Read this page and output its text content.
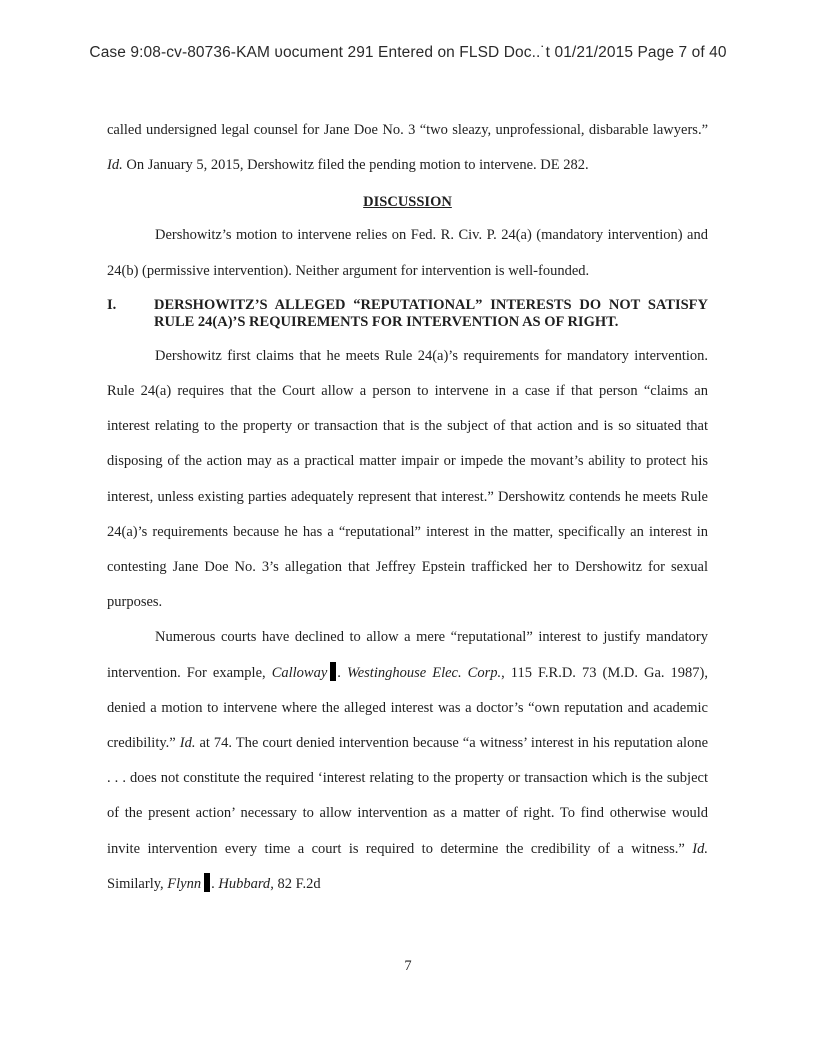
Case 9:08-cv-80736-KAM υocument 291 Entered on FLSD Doc..˙t 01/21/2015 Page 7 of 40

called undersigned legal counsel for Jane Doe No. 3 “two sleazy, unprofessional, disbarable lawyers.” Id. On January 5, 2015, Dershowitz filed the pending motion to intervene. DE 282.

DISCUSSION

Dershowitz’s motion to intervene relies on Fed. R. Civ. P. 24(a) (mandatory intervention) and 24(b) (permissive intervention). Neither argument for intervention is well-founded.

I.	DERSHOWITZ’S ALLEGED “REPUTATIONAL” INTERESTS DO NOT SATISFY RULE 24(A)’S REQUIREMENTS FOR INTERVENTION AS OF RIGHT.

Dershowitz first claims that he meets Rule 24(a)’s requirements for mandatory intervention. Rule 24(a) requires that the Court allow a person to intervene in a case if that person “claims an interest relating to the property or transaction that is the subject of that action and is so situated that disposing of the action may as a practical matter impair or impede the movant’s ability to protect his interest, unless existing parties adequately represent that interest.” Dershowitz contends he meets Rule 24(a)’s requirements because he has a “reputational” interest in the matter, specifically an interest in contesting Jane Doe No. 3’s allegation that Jeffrey Epstein trafficked her to Dershowitz for sexual purposes.

Numerous courts have declined to allow a mere “reputational” interest to justify mandatory intervention. For example, Calloway . Westinghouse Elec. Corp., 115 F.R.D. 73 (M.D. Ga. 1987), denied a motion to intervene where the alleged interest was a doctor’s “own reputation and academic credibility.” Id. at 74. The court denied intervention because “a witness’ interest in his reputation alone . . . does not constitute the required ‘interest relating to the property or transaction which is the subject of the present action’ necessary to allow intervention as a matter of right. To find otherwise would invite intervention every time a court is required to determine the credibility of a witness.” Id. Similarly, Flynn . Hubbard, 82 F.2d

7
